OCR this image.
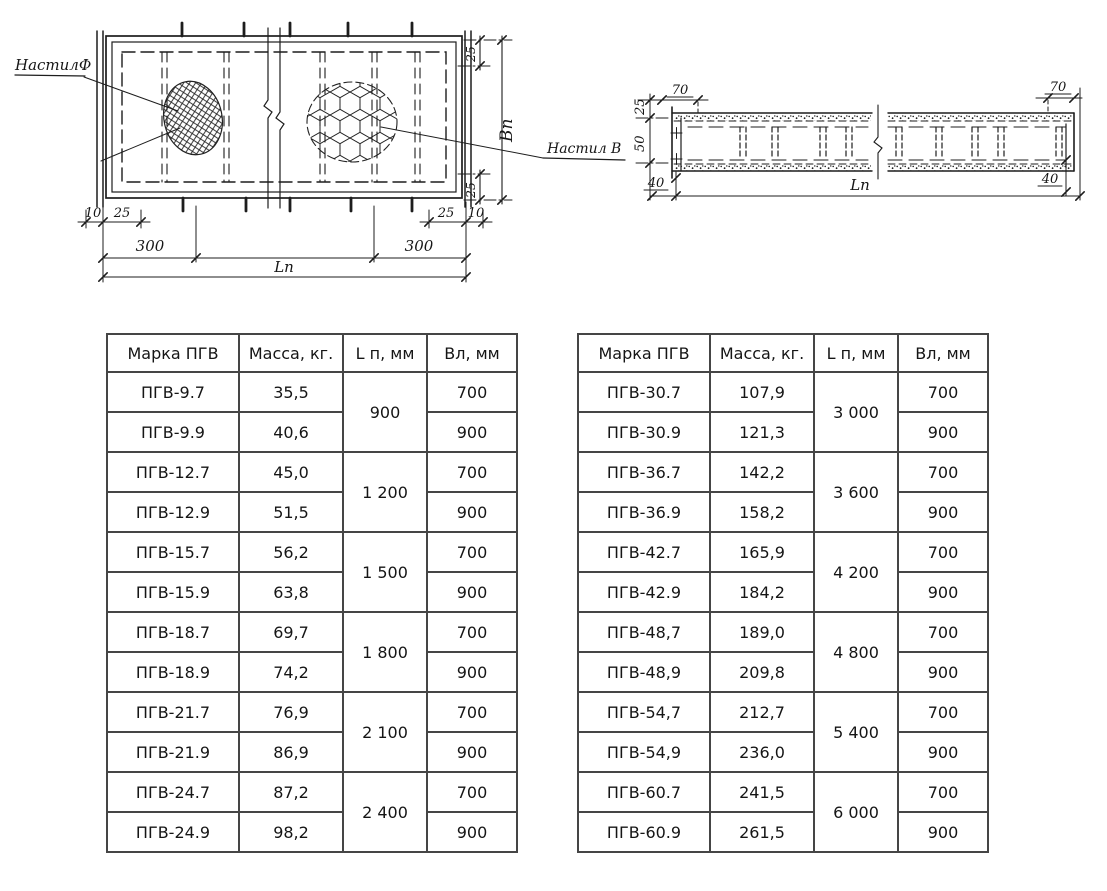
НастилФ
Настил В
Вп
25
25
10 25	25 10
300	300
Lп
25
50
70	70
40	40
Lп
Марка ПГВ	Масса, кг.	L п, мм	Вл, мм
ПГВ-9.7	35,5	900	700
ПГВ-9.9	40,6		900
ПГВ-12.7	45,0	1 200	700
ПГВ-12.9	51,5		900
ПГВ-15.7	56,2	1 500	700
ПГВ-15.9	63,8		900
ПГВ-18.7	69,7	1 800	700
ПГВ-18.9	74,2		900
ПГВ-21.7	76,9	2 100	700
ПГВ-21.9	86,9		900
ПГВ-24.7	87,2	2 400	700
ПГВ-24.9	98,2		900
Марка ПГВ	Масса, кг.	L п, мм	Вл, мм
ПГВ-30.7	107,9	3 000	700
ПГВ-30.9	121,3		900
ПГВ-36.7	142,2	3 600	700
ПГВ-36.9	158,2		900
ПГВ-42.7	165,9	4 200	700
ПГВ-42.9	184,2		900
ПГВ-48,7	189,0	4 800	700
ПГВ-48,9	209,8		900
ПГВ-54,7	212,7	5 400	700
ПГВ-54,9	236,0		900
ПГВ-60.7	241,5	6 000	700
ПГВ-60.9	261,5		900
